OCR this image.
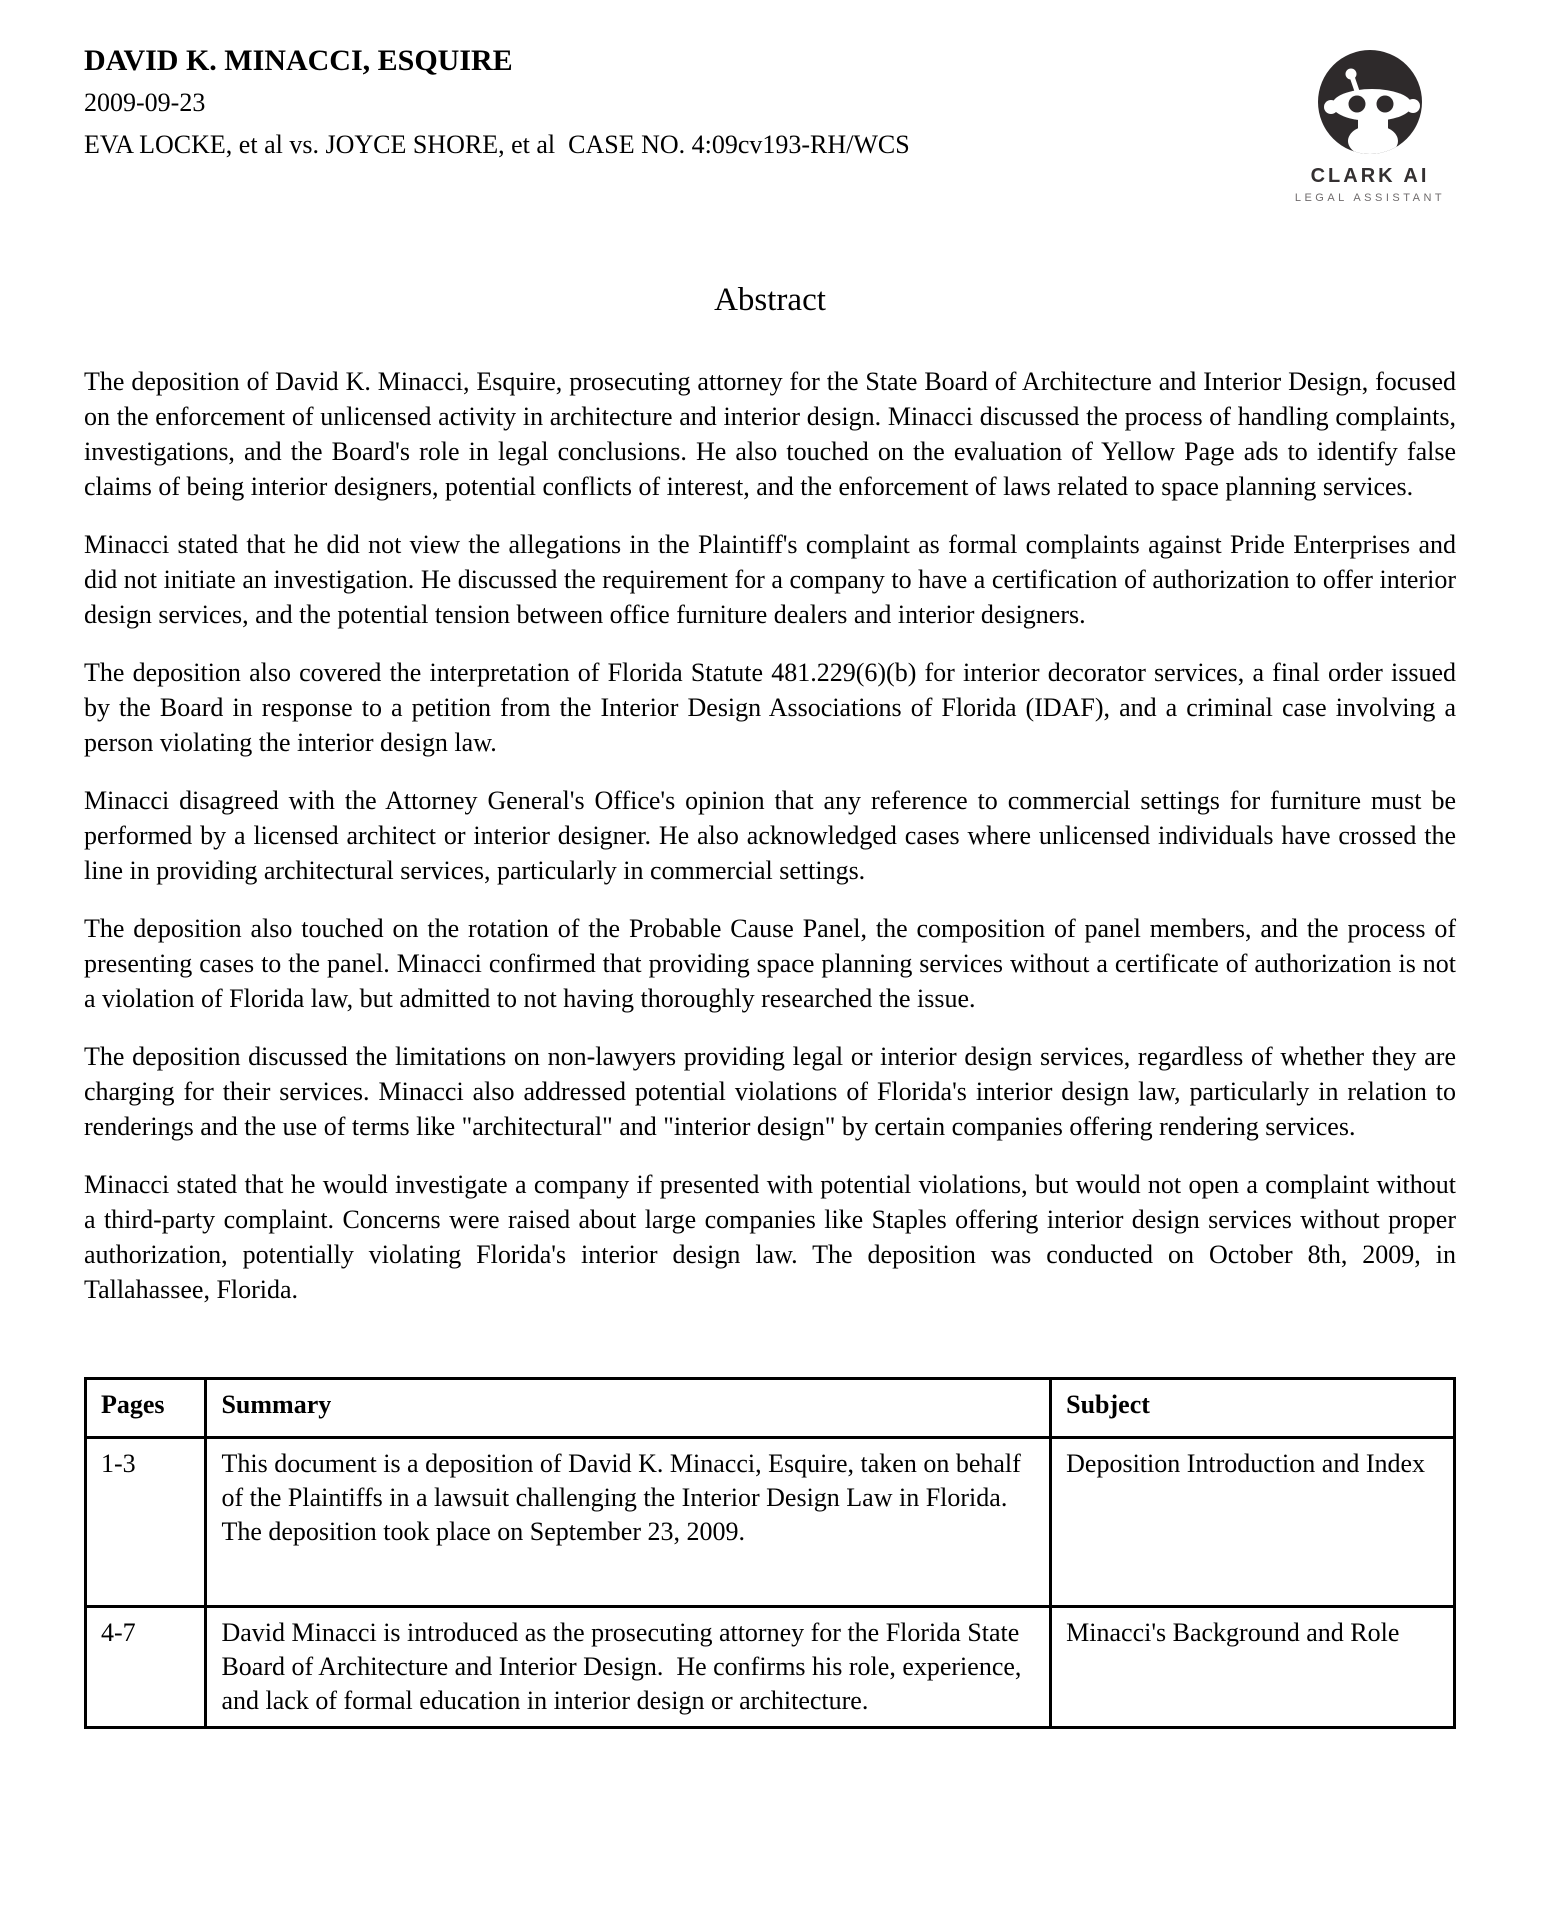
DAVID K. MINACCI, ESQUIRE
2009-09-23
EVA LOCKE, et al vs. JOYCE SHORE, et al  CASE NO. 4:09cv193-RH/WCS
CLARK AI
LEGAL ASSISTANT
Abstract

The deposition of David K. Minacci, Esquire, prosecuting attorney for the State Board of Architecture and Interior Design, focused on the enforcement of unlicensed activity in architecture and interior design. Minacci discussed the process of handling complaints, investigations, and the Board's role in legal conclusions. He also touched on the evaluation of Yellow Page ads to identify false claims of being interior designers, potential conflicts of interest, and the enforcement of laws related to space planning services.

Minacci stated that he did not view the allegations in the Plaintiff's complaint as formal complaints against Pride Enterprises and did not initiate an investigation. He discussed the requirement for a company to have a certification of authorization to offer interior design services, and the potential tension between office furniture dealers and interior designers.

The deposition also covered the interpretation of Florida Statute 481.229(6)(b) for interior decorator services, a final order issued by the Board in response to a petition from the Interior Design Associations of Florida (IDAF), and a criminal case involving a person violating the interior design law.

Minacci disagreed with the Attorney General's Office's opinion that any reference to commercial settings for furniture must be performed by a licensed architect or interior designer. He also acknowledged cases where unlicensed individuals have crossed the line in providing architectural services, particularly in commercial settings.

The deposition also touched on the rotation of the Probable Cause Panel, the composition of panel members, and the process of presenting cases to the panel. Minacci confirmed that providing space planning services without a certificate of authorization is not a violation of Florida law, but admitted to not having thoroughly researched the issue.

The deposition discussed the limitations on non-lawyers providing legal or interior design services, regardless of whether they are charging for their services. Minacci also addressed potential violations of Florida's interior design law, particularly in relation to renderings and the use of terms like "architectural" and "interior design" by certain companies offering rendering services.

Minacci stated that he would investigate a company if presented with potential violations, but would not open a complaint without a third-party complaint. Concerns were raised about large companies like Staples offering interior design services without proper authorization, potentially violating Florida's interior design law. The deposition was conducted on October 8th, 2009, in Tallahassee, Florida.

Pages	Summary	Subject
1-3	This document is a deposition of David K. Minacci, Esquire, taken on behalf of the Plaintiffs in a lawsuit challenging the Interior Design Law in Florida. The deposition took place on September 23, 2009.	Deposition Introduction and Index
4-7	David Minacci is introduced as the prosecuting attorney for the Florida State Board of Architecture and Interior Design.  He confirms his role, experience, and lack of formal education in interior design or architecture.	Minacci's Background and Role
